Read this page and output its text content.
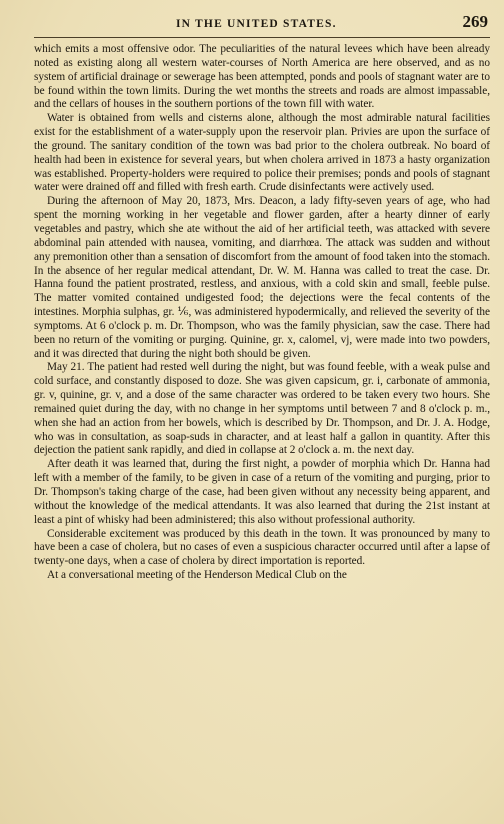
IN THE UNITED STATES.	269

which emits a most offensive odor. The peculiarities of the natural levees which have been already noted as existing along all western water-courses of North America are here observed, and as no system of artificial drainage or sewerage has been attempted, ponds and pools of stagnant water are to be found within the town limits. During the wet months the streets and roads are almost impassable, and the cellars of houses in the southern portions of the town fill with water.

Water is obtained from wells and cisterns alone, although the most admirable natural facilities exist for the establishment of a water-supply upon the reservoir plan. Privies are upon the surface of the ground. The sanitary condition of the town was bad prior to the cholera outbreak. No board of health had been in existence for several years, but when cholera arrived in 1873 a hasty organization was established. Property-holders were required to police their premises; ponds and pools of stagnant water were drained off and filled with fresh earth. Crude disinfectants were actively used.

During the afternoon of May 20, 1873, Mrs. Deacon, a lady fifty-seven years of age, who had spent the morning working in her vegetable and flower garden, after a hearty dinner of early vegetables and pastry, which she ate without the aid of her artificial teeth, was attacked with severe abdominal pain attended with nausea, vomiting, and diarrhœa. The attack was sudden and without any premonition other than a sensation of discomfort from the amount of food taken into the stomach. In the absence of her regular medical attendant, Dr. W. M. Hanna was called to treat the case. Dr. Hanna found the patient prostrated, restless, and anxious, with a cold skin and small, feeble pulse. The matter vomited contained undigested food; the dejections were the fecal contents of the intestines. Morphia sulphas, gr. ⅙, was administered hypodermically, and relieved the severity of the symptoms. At 6 o'clock p. m. Dr. Thompson, who was the family physician, saw the case. There had been no return of the vomiting or purging. Quinine, gr. x, calomel, vj, were made into two powders, and it was directed that during the night both should be given.

May 21. The patient had rested well during the night, but was found feeble, with a weak pulse and cold surface, and constantly disposed to doze. She was given capsicum, gr. i, carbonate of ammonia, gr. v, quinine, gr. v, and a dose of the same character was ordered to be taken every two hours. She remained quiet during the day, with no change in her symptoms until between 7 and 8 o'clock p. m., when she had an action from her bowels, which is described by Dr. Thompson, and Dr. J. A. Hodge, who was in consultation, as soap-suds in character, and at least half a gallon in quantity. After this dejection the patient sank rapidly, and died in collapse at 2 o'clock a. m. the next day.

After death it was learned that, during the first night, a powder of morphia which Dr. Hanna had left with a member of the family, to be given in case of a return of the vomiting and purging, prior to Dr. Thompson's taking charge of the case, had been given without any necessity being apparent, and without the knowledge of the medical attendants. It was also learned that during the 21st instant at least a pint of whisky had been administered; this also without professional authority.

Considerable excitement was produced by this death in the town. It was pronounced by many to have been a case of cholera, but no cases of even a suspicious character occurred until after a lapse of twenty-one days, when a case of cholera by direct importation is reported.

At a conversational meeting of the Henderson Medical Club on the
